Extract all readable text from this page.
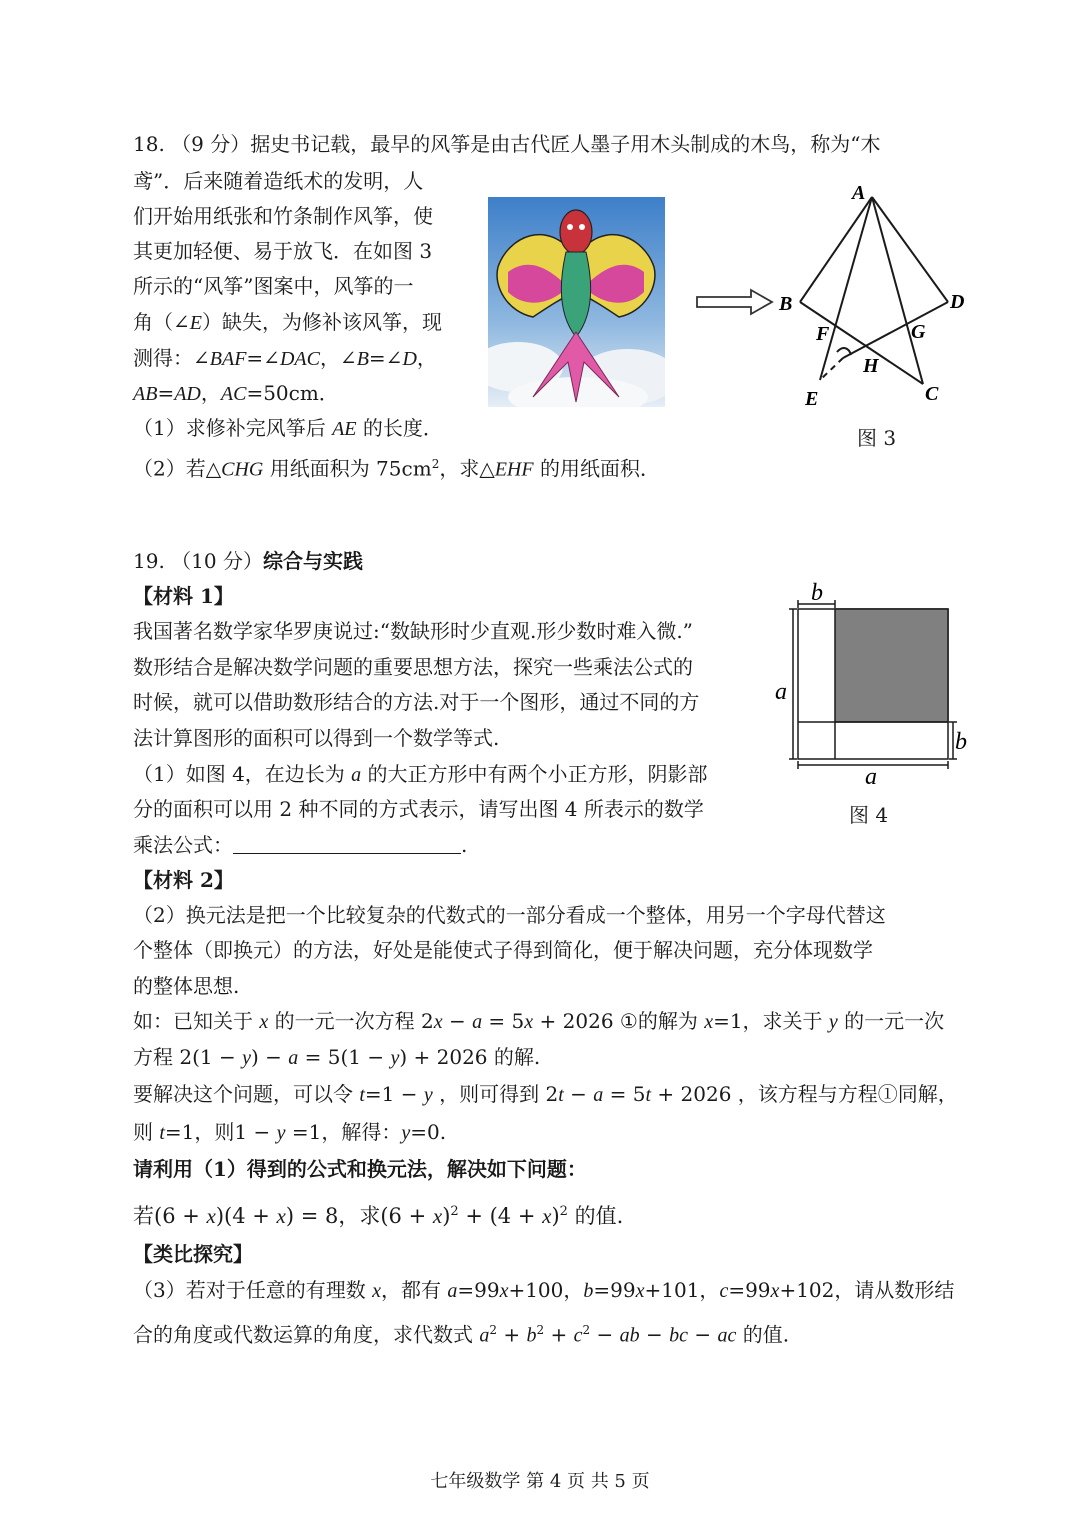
18. （9 分）据史书记载，最早的风筝是由古代匠人墨子用木头制成的木鸟，称为“木
鸢”．后来随着造纸术的发明，人
们开始用纸张和竹条制作风筝，使
其更加轻便、易于放飞．在如图 3
所示的“风筝”图案中，风筝的一
角（∠E）缺失，为修补该风筝，现
测得：∠BAF=∠DAC，∠B=∠D，
AB=AD，AC=50cm．
（1）求修补完风筝后 AE 的长度．
（2）若△CHG 用纸面积为 $75cm^2$，求△EHF 的用纸面积．
A
B	D
F	G
H
E	C
图 3
19. （10 分）综合与实践
【材料 1】
我国著名数学家华罗庚说过:“数缺形时少直观.形少数时难入微.”
数形结合是解决数学问题的重要思想方法，探究一些乘法公式的
时候，就可以借助数形结合的方法.对于一个图形，通过不同的方
法计算图形的面积可以得到一个数学等式.
（1）如图 4，在边长为 a 的大正方形中有两个小正方形，阴影部
分的面积可以用 2 种不同的方式表示，请写出图 4 所表示的数学
乘法公式：	.
b
a
b
a
图 4
【材料 2】
（2）换元法是把一个比较复杂的代数式的一部分看成一个整体，用另一个字母代替这
个整体（即换元）的方法，好处是能使式子得到简化，便于解决问题，充分体现数学
的整体思想.
如：已知关于 x 的一元一次方程 2x − a = 5x + 2026 ①的解为 x=1，求关于 y 的一元一次
方程 2(1 − y) − a = 5(1 − y) + 2026 的解.
要解决这个问题，可以令 t=1 − y ，则可得到 2t − a = 5t + 2026 ，该方程与方程①同解，
则 t=1，则1 − y =1，解得：y=0.
请利用（1）得到的公式和换元法，解决如下问题：
若(6 + x)(4 + x) = 8，求$(6 + x)^2 + (4 + x)^2$ 的值.
【类比探究】
（3）若对于任意的有理数 x，都有 a=99x+100，b=99x+101，c=99x+102，请从数形结
合的角度或代数运算的角度，求代数式 $a^2 + b^2 + c^2$ − ab − bc − ac 的值.
七年级数学 第 4 页 共 5 页
